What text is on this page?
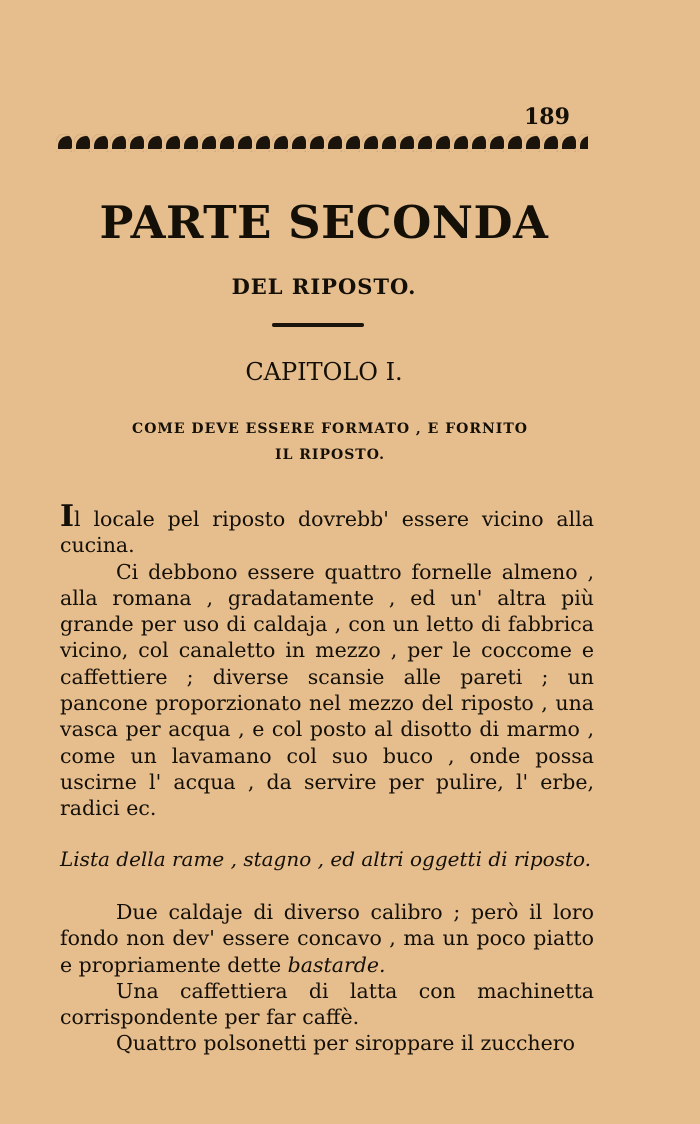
189
PARTE SECONDA
DEL RIPOSTO.
CAPITOLO I.
COME DEVE ESSERE FORMATO , E FORNITO
IL RIPOSTO.

Il locale pel riposto dovrebb' essere vicino alla cucina.

Ci debbono essere quattro fornelle almeno , alla romana , gradatamente , ed un' altra più grande per uso di caldaja , con un letto di fabbrica vicino, col canaletto in mezzo , per le coccome e caffettiere ; diverse scansie alle pareti ; un pancone proporzionato nel mezzo del riposto , una vasca per acqua , e col posto al disotto di marmo , come un lavamano col suo buco , onde possa uscirne l' acqua , da servire per pulire, l' erbe, radici ec.

Lista della rame , stagno , ed altri oggetti di riposto.

Due caldaje di diverso calibro ; però il loro fondo non dev' essere concavo , ma un poco piatto e propriamente dette bastarde.

Una caffettiera di latta con machinetta corrispondente per far caffè.

Quattro polsonetti per siroppare il zucchero
